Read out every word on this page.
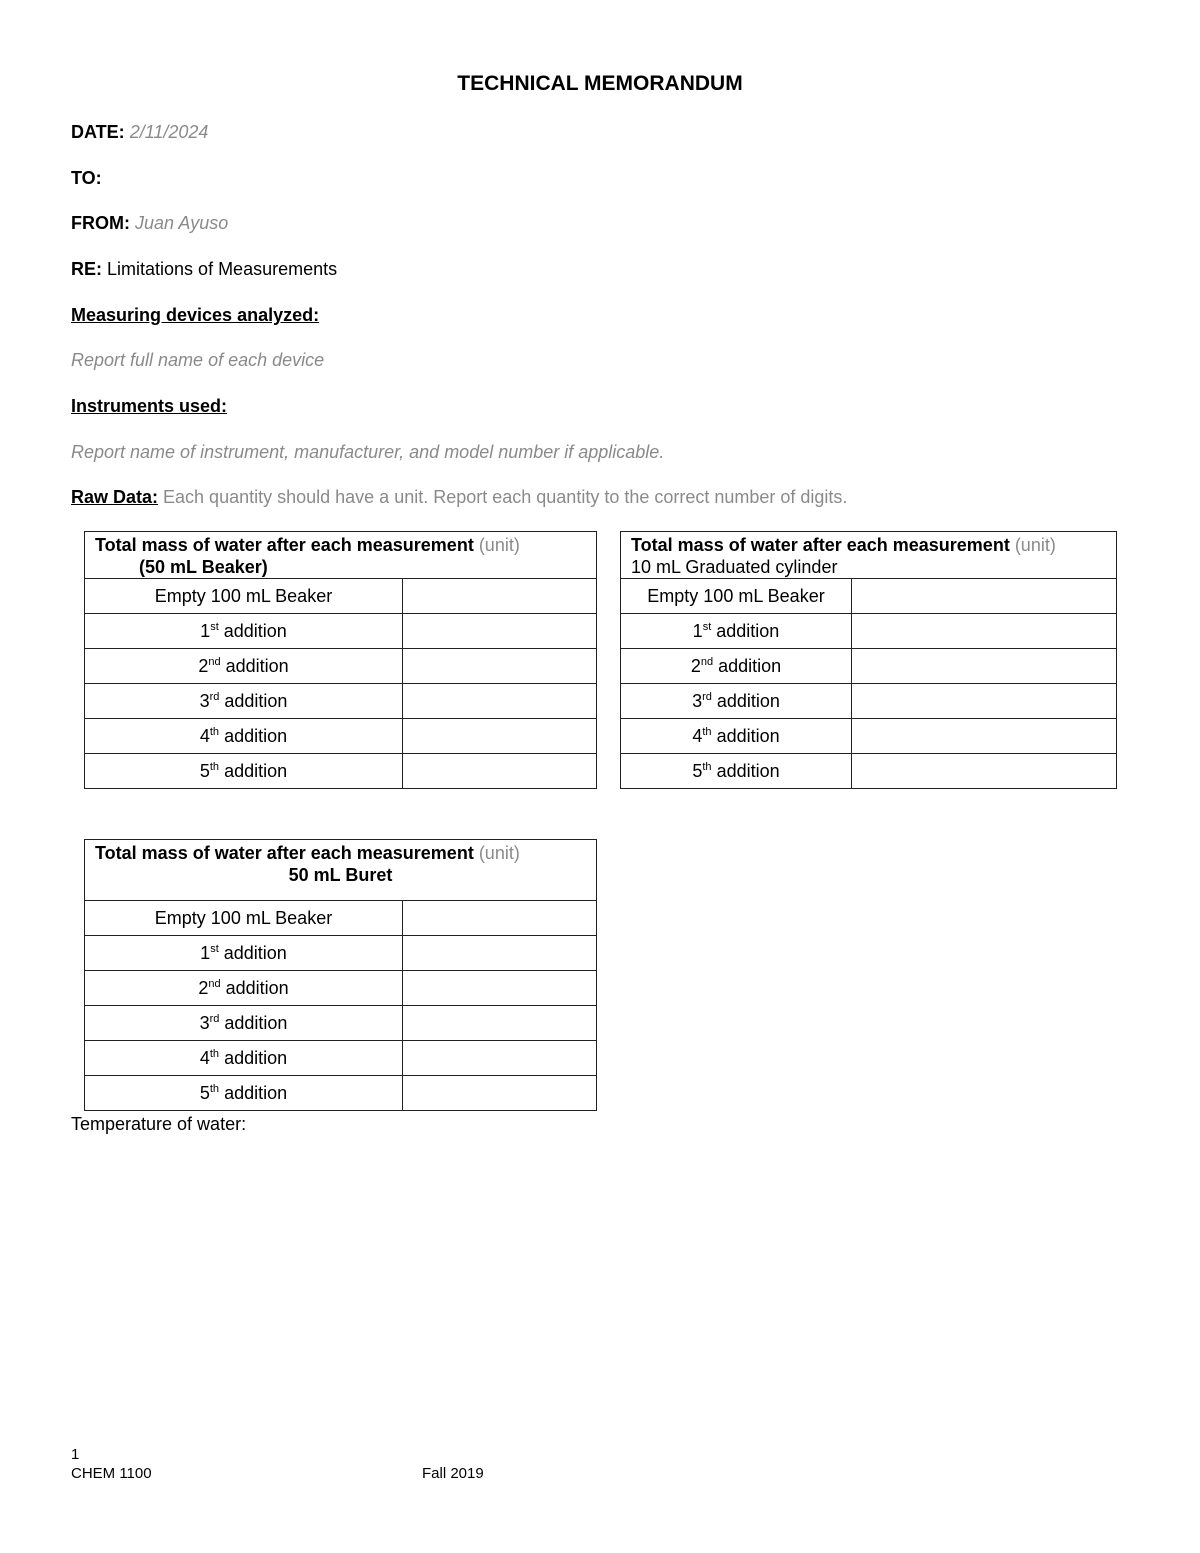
TECHNICAL MEMORANDUM
DATE: 2/11/2024
TO:
FROM: Juan Ayuso
RE: Limitations of Measurements
Measuring devices analyzed:
Report full name of each device
Instruments used:
Report name of instrument, manufacturer, and model number if applicable.
Raw Data: Each quantity should have a unit. Report each quantity to the correct number of digits.
Total mass of water after each measurement (unit)
(50 mL Beaker)	
Empty 100 mL Beaker	
1st addition	
2nd addition	
3rd addition	
4th addition	
5th addition	
Total mass of water after each measurement (unit)
10 mL Graduated cylinder	
Empty 100 mL Beaker	
1st addition	
2nd addition	
3rd addition	
4th addition	
5th addition	
Total mass of water after each measurement (unit)

50 mL Buret	

Empty 100 mL Beaker	
1st addition	
2nd addition	
3rd addition	
4th addition	
5th addition	
Temperature of water:
1
CHEM 1100	Fall 2019
